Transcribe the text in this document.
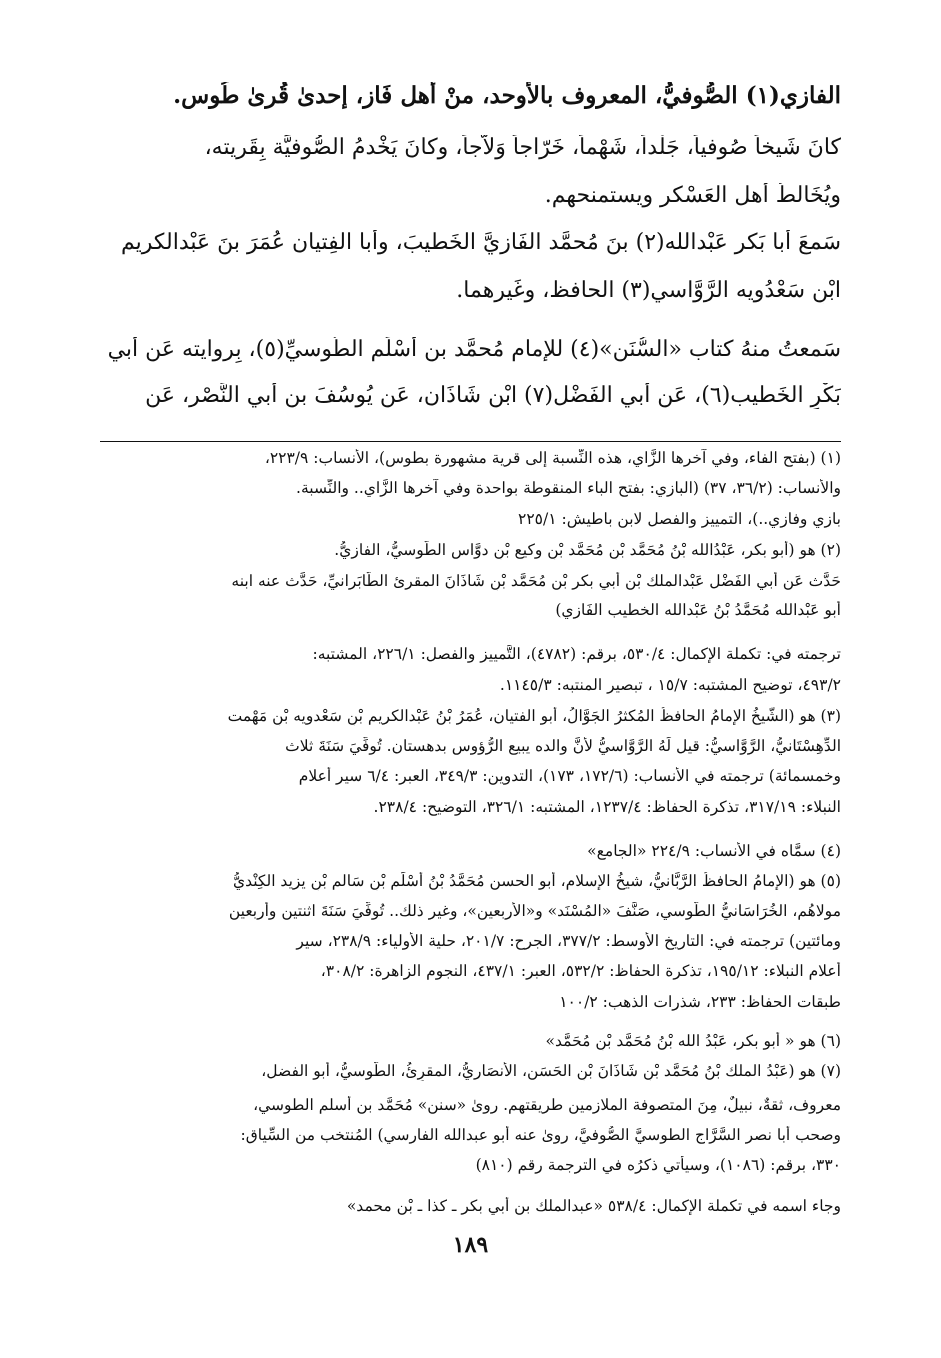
الفازي(١) الصُّوفيُّ، المعروف بالأوحد، منْ أهل فَاز، إحدىٰ قُرىٰ طُوس.
كانَ شَيخاً صُوفياً، جَلْداً، شَهْماً، خَرّاجاً وَلاّجاً، وكانَ يَخْدمُ الصُّوفيَّة بِقَريته،
ويُخَالطُ أهل العَسْكر ويستمنحهم.
سَمعَ أبا بَكر عَبْدالله(٢) بنَ مُحمَّد الفَازيَّ الخَطيبَ، وأبا الفِتيان عُمَرَ بنَ عَبْدالكريم
ابْنِ سَعْدُويه الرَّوَّاسي(٣) الحافظ، وغَيرهما.
سَمعتُ منهُ كتاب «السُّنَن»(٤) للإمام مُحمَّد بنِ أسْلَم الطُّوسيِّ(٥)، بِروايته عَن أبي
بَكْرٍ الخَطيب(٦)، عَن أبي الفَضْل(٧) ابْن شَاذَان، عَن يُوسُفَ بنِ أبي النَّصْر، عَن
(١) (بفتح الفاء، وفي آخرها الزَّاي، هذه النِّسبة إلى قرية مشهورة بطوس)، الأنساب: ٢٢٣/٩،
والأنساب: (٣٦/٢، ٣٧) (البازي: بفتح الباء المنقوطة بواحدة وفي آخرها الزَّاي.. والنِّسبة.
بازي وفازي..)، التمييز والفصل لابن باطيش: ٢٢٥/١
(٢) هو (أبو بكر، عَبْدُالله بْنُ مُحَمَّد بْنِ مُحَمَّد بْنِ وكيع بْنِ دوَّاس الطُّوسيُّ، الفازيُّ.
حَدَّث عَن أبي الفَضْل عَبْدالملك بْن أبي بكر بْن مُحَمَّد بْنِ شَاذَانَ المقرئ الطَّابَرانيِّ، حَدَّث عنه ابنه
أبو عَبْدالله مُحَمَّدُ بْنُ عَبْدالله الخطيب الفَازي)
ترجمته في: تكملة الإكمال: ٥٣٠/٤، برقم: (٤٧٨٢)، التَّمييز والفصل: ٢٢٦/١، المشتبه:
٤٩٣/٢، توضيح المشتبه: ١٥/٧ ، تبصير المنتبه: ١١٤٥/٣.
(٣) هو (الشَّيخُ الإمامُ الحافظُ المُكثرُ الجَوَّالُ، أبو الفتيان، عُمَرُ بْنُ عَبْدالكريم بْنِ سَعْدويه بْنِ مَهْمت
الدِّهِسْتَانيُّ، الرَّوَّاسيُّ: قيل لَهُ الرَّوَّاسيُّ لأنَّ والده يبيع الرُّؤوس بدهستان. تُوفِّيَ سَنَةَ ثلاث
وخمسمائة) ترجمته في الأنساب: (١٧٢/٦، ١٧٣)، التدوين: ٣٤٩/٣، العبر: ٦/٤ سير أعلام
النبلاء: ٣١٧/١٩، تذكرة الحفاظ: ١٢٣٧/٤، المشتبه: ٣٢٦/١، التوضيح: ٢٣٨/٤.
(٤) سمَّاه في الأنساب: ٢٢٤/٩ «الجامع»
(٥) هو (الإمامُ الحافظُ الرَّبَّانيُّ، شيخُ الإسلام، أبو الحسن مُحَمَّدُ بْنُ أسْلَم بْنِ سَالم بْنِ يزيد الكِنْديُّ
مولاهُم، الخُرَاسَانيُّ الطُّوسي، صَنَّفَ «المُسْنَد» و«الأربعين»، وغير ذلك.. تُوفِّيَ سَنَةَ اثنتين وأربعين
ومائتين) ترجمته في: التاريخ الأوسط: ٣٧٧/٢، الجرح: ٢٠١/٧، حلية الأولياء: ٢٣٨/٩، سير
أعلام النبلاء: ١٩٥/١٢، تذكرة الحفاظ: ٥٣٢/٢، العبر: ٤٣٧/١، النجوم الزاهرة: ٣٠٨/٢،
طبقات الحفاظ: ٢٣٣، شذرات الذهب: ١٠٠/٢
(٦) هو « أبو بكر، عَبْدُ الله بْنُ مُحَمَّد بْنِ مُحَمَّد»
(٧) هو (عَبْدُ الملك بْنُ مُحَمَّد بْنِ شَاذَانَ بْنِ الحَسَن، الأنصَاريُّ، المقرِئُ، الطُّوسيُّ، أبو الفضل،
معروف، ثقةٌ، نبيلٌ، مِنَ المتصوفة الملازمين طريقتهم. روىٰ «سنن» مُحَمَّد بن أسلم الطوسي،
وصحب أبا نصر السَّرَّاج الطوسيَّ الصُّوفيَّ، روىٰ عنه أبو عبدالله الفارسي) المُنتخب من السِّياق:
٣٣٠، برقم: (١٠٨٦)، وسيأتي ذكرُه في الترجمة رقم (٨١٠)
وجاء اسمه في تكملة الإكمال: ٥٣٨/٤ «عبدالملك بن أبي بكر ـ كذا ـ بْن محمد»
١٨٩
